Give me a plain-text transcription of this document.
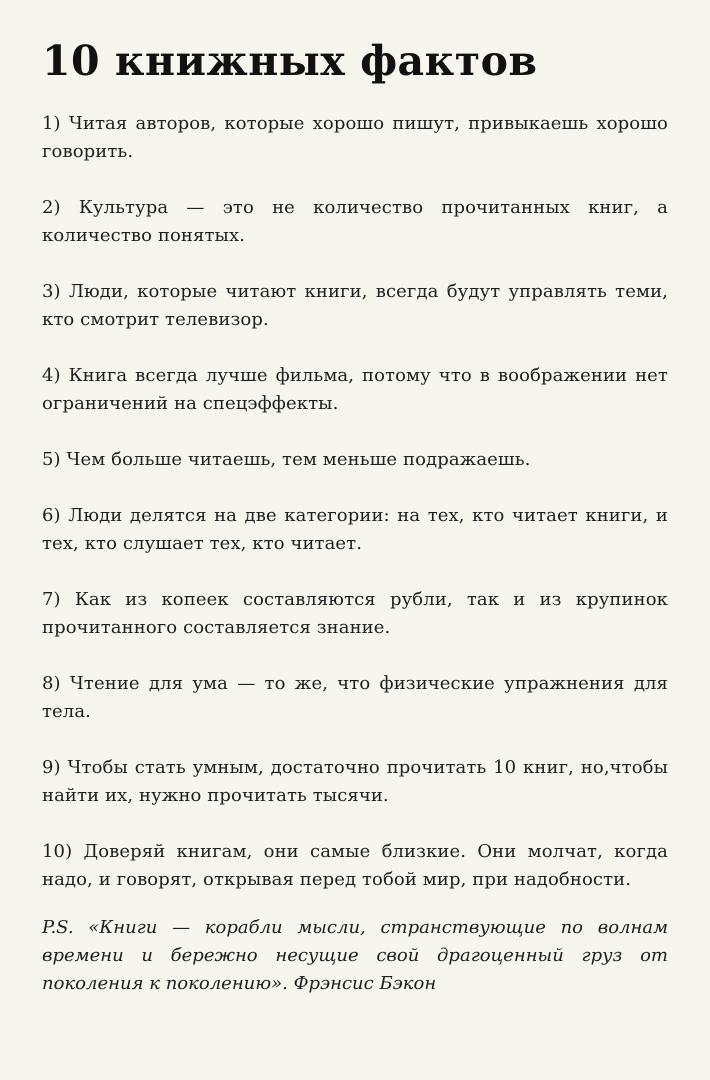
10 книжных фактов
1) Читая авторов, которые хорошо пишут, привыкаешь хорошо говорить.
2) Культура — это не количество прочитанных книг, а количество понятых.
3) Люди, которые читают книги, всегда будут управлять теми, кто смотрит телевизор.
4) Книга всегда лучше фильма, потому что в воображении нет ограничений на спецэффекты.
5) Чем больше читаешь, тем меньше подражаешь.
6) Люди делятся на две категории: на тех, кто читает книги, и тех, кто слушает тех, кто читает.
7) Как из копеек составляются рубли, так и из крупинок прочитанного составляется знание.
8) Чтение для ума — то же, что физические упражнения для тела.
9) Чтобы стать умным, достаточно прочитать 10 книг, но,чтобы найти их, нужно прочитать тысячи.
10) Доверяй книгам, они самые близкие. Они молчат, когда надо, и говорят, открывая перед тобой мир, при надобности.

P.S. «Книги — корабли мысли, странствующие по волнам времени и бережно несущие свой драгоценный груз от поколения к поколению». Фрэнсис Бэкон
